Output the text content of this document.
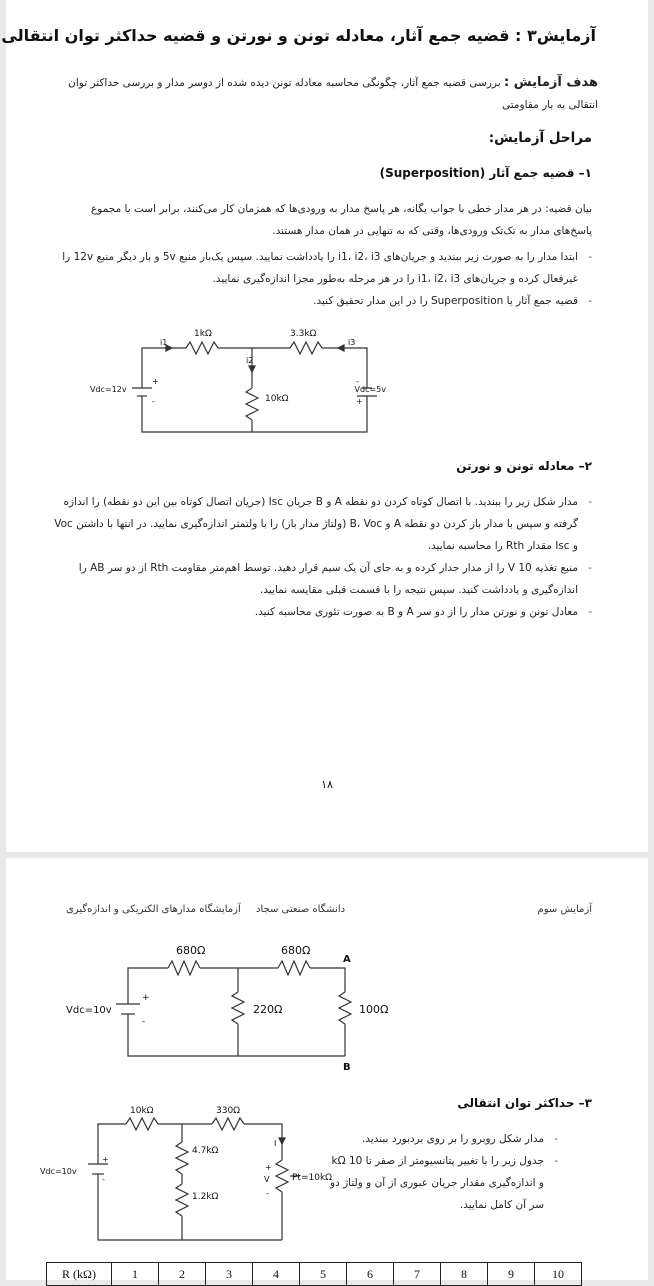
آزمایش۳ : قضیه جمع آثار، معادله تونن و نورتن و قضیه حداکثر توان انتقالی
هدف آزمایش : بررسی قضیه جمع آثار، چگونگی محاسبه معادله تونن دیده شده از دوسر مدار و بررسی حداکثر توان انتقالی به بار مقاومتی
مراحل آزمایش:
۱– قضیه جمع آثار (Superposition)
بیان قضیه: در هر مدار خطی با جواب یگانه، هر پاسخ مدار به ورودی‌ها که همزمان کار می‌کنند، برابر است با مجموع پاسخ‌های مدار به تک‌تک ورودی‌ها، وقتی که به تنهایی در همان مدار هستند.
- ابتدا مدار را به صورت زیر ببندید و جریان‌های i1، i2، i3 را یادداشت نمایید. سپس یک‌بار منبع 5v و بار دیگر منبع 12v را غیرفعال کرده و جریان‌های i1، i2، i3 را در هر مرحله به‌طور مجزا اندازه‌گیری نمایید.
- قضیه جمع آثار یا Superposition را در این مدار تحقیق کنید.
1kΩ	3.3kΩ
10kΩ
i1
i2
i3
Vdc=12v	Vdc=5v
+
-
-
+
۲– معادله تونن و نورتن
- مدار شکل زیر را ببندید. با اتصال کوتاه کردن دو نقطه A و B جریان Isc (جریان اتصال کوتاه بین این دو نقطه) را اندازه گرفته و سپس با مدار باز کردن دو نقطه A و B، Voc (ولتاژ مدار باز) را با ولتمتر اندازه‌گیری نمایید. در انتها با داشتن Voc و Isc مقدار Rth را محاسبه نمایید.
- منبع تغذیه 10 V را از مدار جدار کرده و به جای آن یک سیم قرار دهید. توسط اهم‌متر مقاومت Rth از دو سر AB را اندازه‌گیری و یادداشت کنید. سپس نتیجه را با قسمت قبلی مقایسه نمایید.
- معادل تونن و نورتن مدار را از دو سر A و B به صورت تئوری محاسبه کنید.
۱۸
آزمایش سوم
دانشگاه صنعتی سجاد
آزمایشگاه مدارهای الکتریکی و اندازه‌گیری
680Ω	680Ω
220Ω	100Ω
A
B
Vdc=10v
+
-
۳– حداکثر توان انتقالی
- مدار شکل روبرو را بر روی بردبورد ببندید.
- جدول زیر را با تغییر پتانسیومتر از صفر تا 10 kΩ و اندازه‌گیری مقدار جریان عبوری از آن و ولتاژ دو سر آن کامل نمایید.
10kΩ	330Ω
4.7kΩ
1.2kΩ
Pt=10kΩ
Vdc=10v
I
V
+
-
+
-
R (kΩ)	1	2	3	4	5	6	7	8	9	10
